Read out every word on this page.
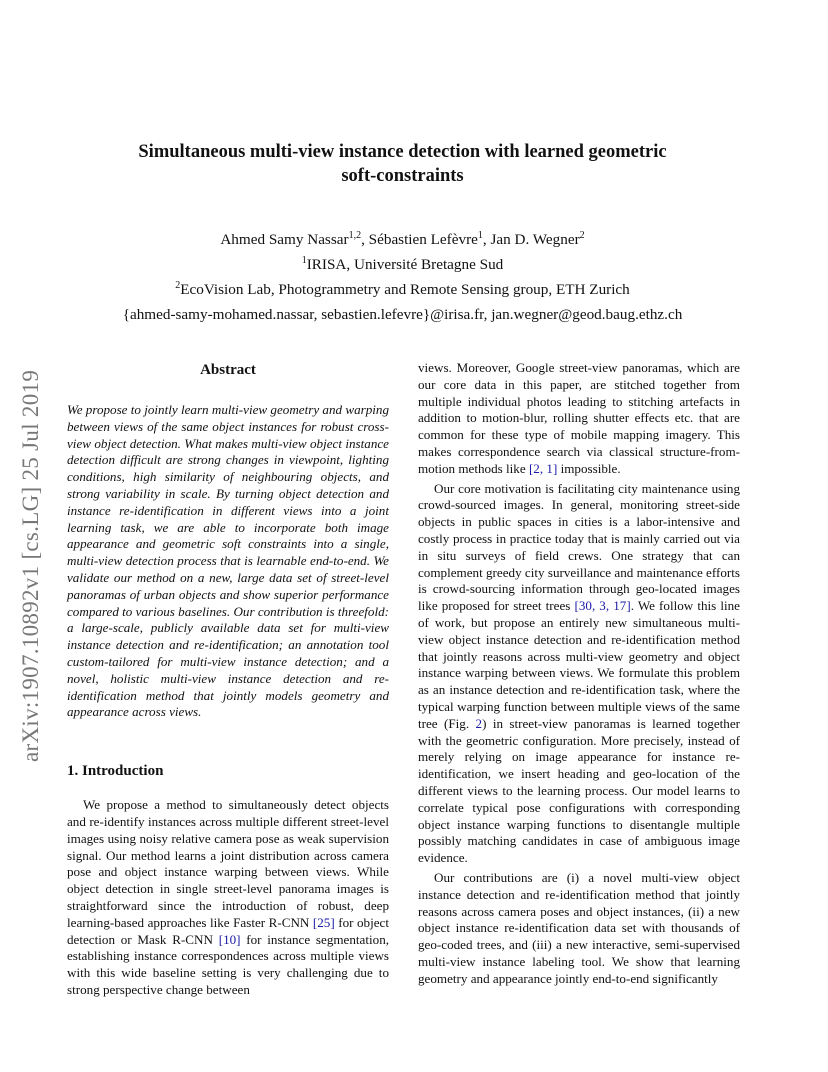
arXiv:1907.10892v1 [cs.LG] 25 Jul 2019
Simultaneous multi-view instance detection with learned geometric
soft-constraints
Ahmed Samy Nassar$^{1,2}$, Sébastien Lefèvre$^1$, Jan D. Wegner$^2$
$^1$IRISA, Université Bretagne Sud
$^2$EcoVision Lab, Photogrammetry and Remote Sensing group, ETH Zurich
{ahmed-samy-mohamed.nassar, sebastien.lefevre}@irisa.fr, jan.wegner@geod.baug.ethz.ch
Abstract

We propose to jointly learn multi-view geometry and warping between views of the same object instances for robust cross-view object detection. What makes multi-view object instance detection difficult are strong changes in viewpoint, lighting conditions, high similarity of neighbouring objects, and strong variability in scale. By turning object detection and instance re-identification in different views into a joint learning task, we are able to incorporate both image appearance and geometric soft constraints into a single, multi-view detection process that is learnable end-to-end. We validate our method on a new, large data set of street-level panoramas of urban objects and show superior performance compared to various baselines. Our contribution is threefold: a large-scale, publicly available data set for multi-view instance detection and re-identification; an annotation tool custom-tailored for multi-view instance detection; and a novel, holistic multi-view instance detection and re-identification method that jointly models geometry and appearance across views.

1. Introduction

We propose a method to simultaneously detect objects and re-identify instances across multiple different street-level images using noisy relative camera pose as weak supervision signal. Our method learns a joint distribution across camera pose and object instance warping between views. While object detection in single street-level panorama images is straightforward since the introduction of robust, deep learning-based approaches like Faster R-CNN [25] for object detection or Mask R-CNN [10] for instance segmentation, establishing instance correspondences across multiple views with this wide baseline setting is very challenging due to strong perspective change between

views. Moreover, Google street-view panoramas, which are our core data in this paper, are stitched together from multiple individual photos leading to stitching artefacts in addition to motion-blur, rolling shutter effects etc. that are common for these type of mobile mapping imagery. This makes correspondence search via classical structure-from-motion methods like [2, 1] impossible.

Our core motivation is facilitating city maintenance using crowd-sourced images. In general, monitoring street-side objects in public spaces in cities is a labor-intensive and costly process in practice today that is mainly carried out via in situ surveys of field crews. One strategy that can complement greedy city surveillance and maintenance efforts is crowd-sourcing information through geo-located images like proposed for street trees [30, 3, 17]. We follow this line of work, but propose an entirely new simultaneous multi-view object instance detection and re-identification method that jointly reasons across multi-view geometry and object instance warping between views. We formulate this problem as an instance detection and re-identification task, where the typical warping function between multiple views of the same tree (Fig. 2) in street-view panoramas is learned together with the geometric configuration. More precisely, instead of merely relying on image appearance for instance re-identification, we insert heading and geo-location of the different views to the learning process. Our model learns to correlate typical pose configurations with corresponding object instance warping functions to disentangle multiple possibly matching candidates in case of ambiguous image evidence.

Our contributions are (i) a novel multi-view object instance detection and re-identification method that jointly reasons across camera poses and object instances, (ii) a new object instance re-identification data set with thousands of geo-coded trees, and (iii) a new interactive, semi-supervised multi-view instance labeling tool. We show that learning geometry and appearance jointly end-to-end significantly
